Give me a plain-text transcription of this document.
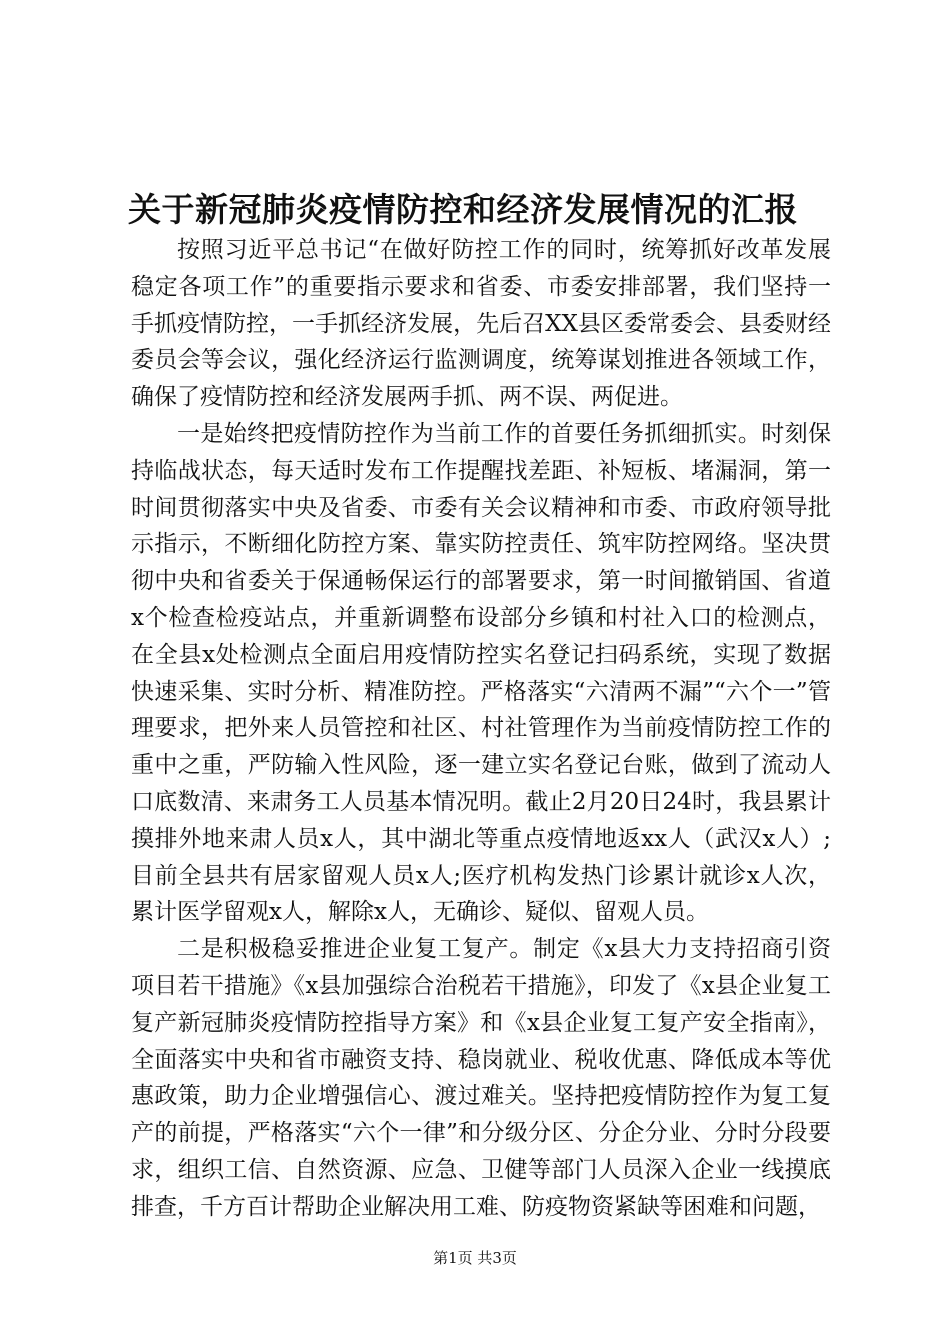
关于新冠肺炎疫情防控和经济发展情况的汇报

按照习近平总书记“在做好防控工作的同时，统筹抓好改革发展稳定各项工作”的重要指示要求和省委、市委安排部署，我们坚持一手抓疫情防控，一手抓经济发展，先后召XX县区委常委会、县委财经委员会等会议，强化经济运行监测调度，统筹谋划推进各领域工作，确保了疫情防控和经济发展两手抓、两不误、两促进。

一是始终把疫情防控作为当前工作的首要任务抓细抓实。时刻保持临战状态，每天适时发布工作提醒找差距、补短板、堵漏洞，第一时间贯彻落实中央及省委、市委有关会议精神和市委、市政府领导批示指示，不断细化防控方案、靠实防控责任、筑牢防控网络。坚决贯彻中央和省委关于保通畅保运行的部署要求，第一时间撤销国、省道x个检查检疫站点，并重新调整布设部分乡镇和村社入口的检测点，在全县x处检测点全面启用疫情防控实名登记扫码系统，实现了数据快速采集、实时分析、精准防控。严格落实“六清两不漏”“六个一”管理要求，把外来人员管控和社区、村社管理作为当前疫情防控工作的重中之重，严防输入性风险，逐一建立实名登记台账，做到了流动人口底数清、来肃务工人员基本情况明。截止2月20日24时，我县累计摸排外地来肃人员x人，其中湖北等重点疫情地返xx人（武汉x人）;目前全县共有居家留观人员x人;医疗机构发热门诊累计就诊x人次，累计医学留观x人，解除x人，无确诊、疑似、留观人员。

二是积极稳妥推进企业复工复产。制定《x县大力支持招商引资项目若干措施》《x县加强综合治税若干措施》，印发了《x县企业复工复产新冠肺炎疫情防控指导方案》和《x县企业复工复产安全指南》，全面落实中央和省市融资支持、稳岗就业、税收优惠、降低成本等优惠政策，助力企业增强信心、渡过难关。坚持把疫情防控作为复工复产的前提，严格落实“六个一律”和分级分区、分企分业、分时分段要求，组织工信、自然资源、应急、卫健等部门人员深入企业一线摸底排查，千方百计帮助企业解决用工难、防疫物资紧缺等困难和问题，

第1页 共3页
